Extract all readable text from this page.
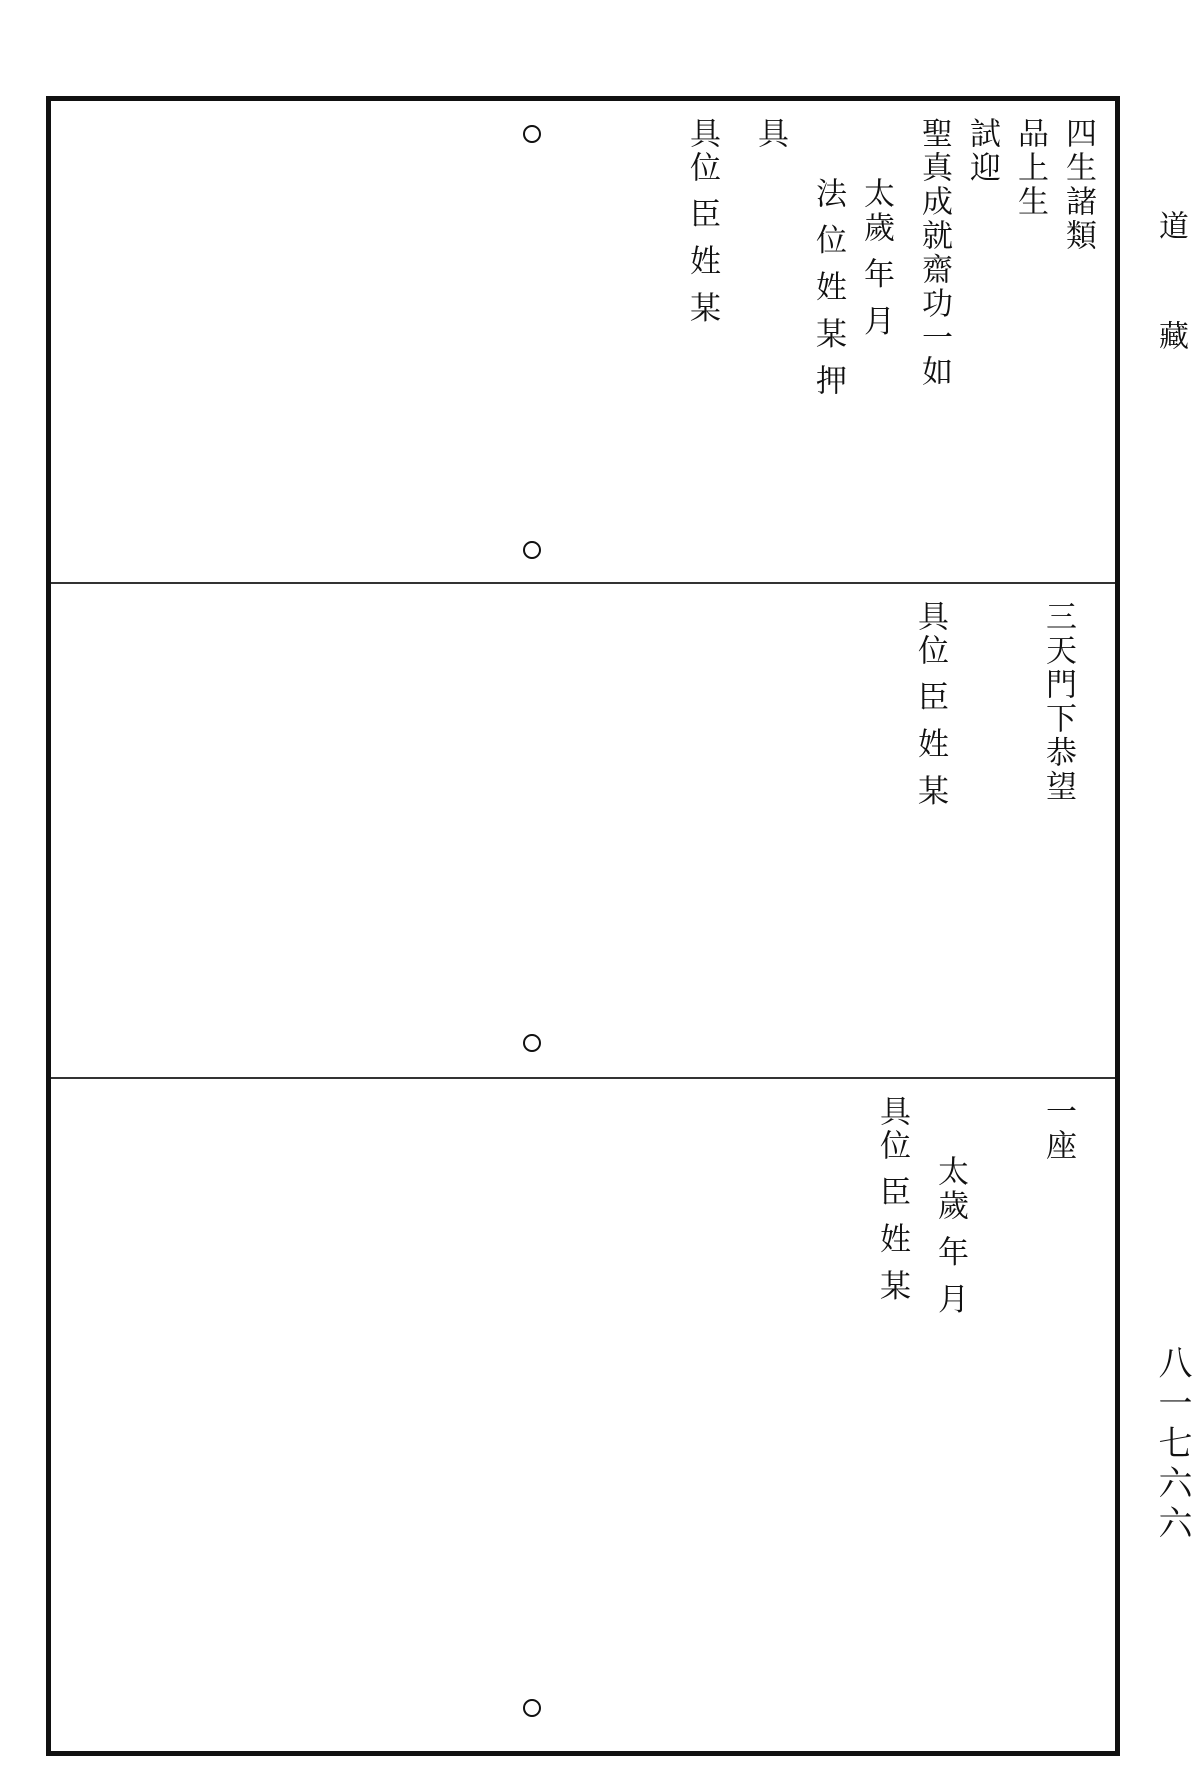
道
藏
八一七六六
四生諸類
品上生
試迎
聖真成就齋功一如
太歲 年 月
法 位 姓 某 押
具
具位 臣 姓 某
三天門下恭望
具位 臣 姓 某
一座
太歲 年 月
具位 臣 姓 某
